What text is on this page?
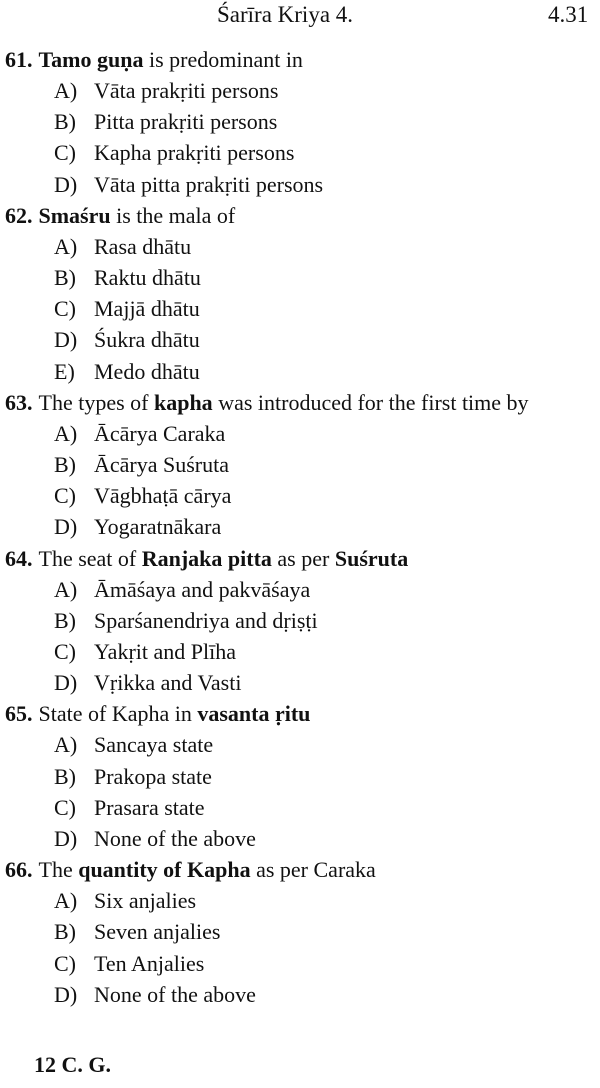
Śarīra Kriya 4.	4.31
61. Tamo guṇa is predominant in
A) Vāta prakṛiti persons
B) Pitta prakṛiti persons
C) Kapha prakṛiti persons
D) Vāta pitta prakṛiti persons
62. Smaśru is the mala of
A) Rasa dhātu
B) Raktu dhātu
C) Majjā dhātu
D) Śukra dhātu
E) Medo dhātu
63. The types of kapha was introduced for the first time by
A) Ācārya Caraka
B) Ācārya Suśruta
C) Vāgbhaṭā cārya
D) Yogaratnākara
64. The seat of Ranjaka pitta as per Suśruta
A) Āmāśaya and pakvāśaya
B) Sparśanendriya and dṛiṣṭi
C) Yakṛit and Plīha
D) Vṛikka and Vasti
65. State of Kapha in vasanta ṛitu
A) Sancaya state
B) Prakopa state
C) Prasara state
D) None of the above
66. The quantity of Kapha as per Caraka
A) Six anjalies
B) Seven anjalies
C) Ten Anjalies
D) None of the above
12 C. G.
